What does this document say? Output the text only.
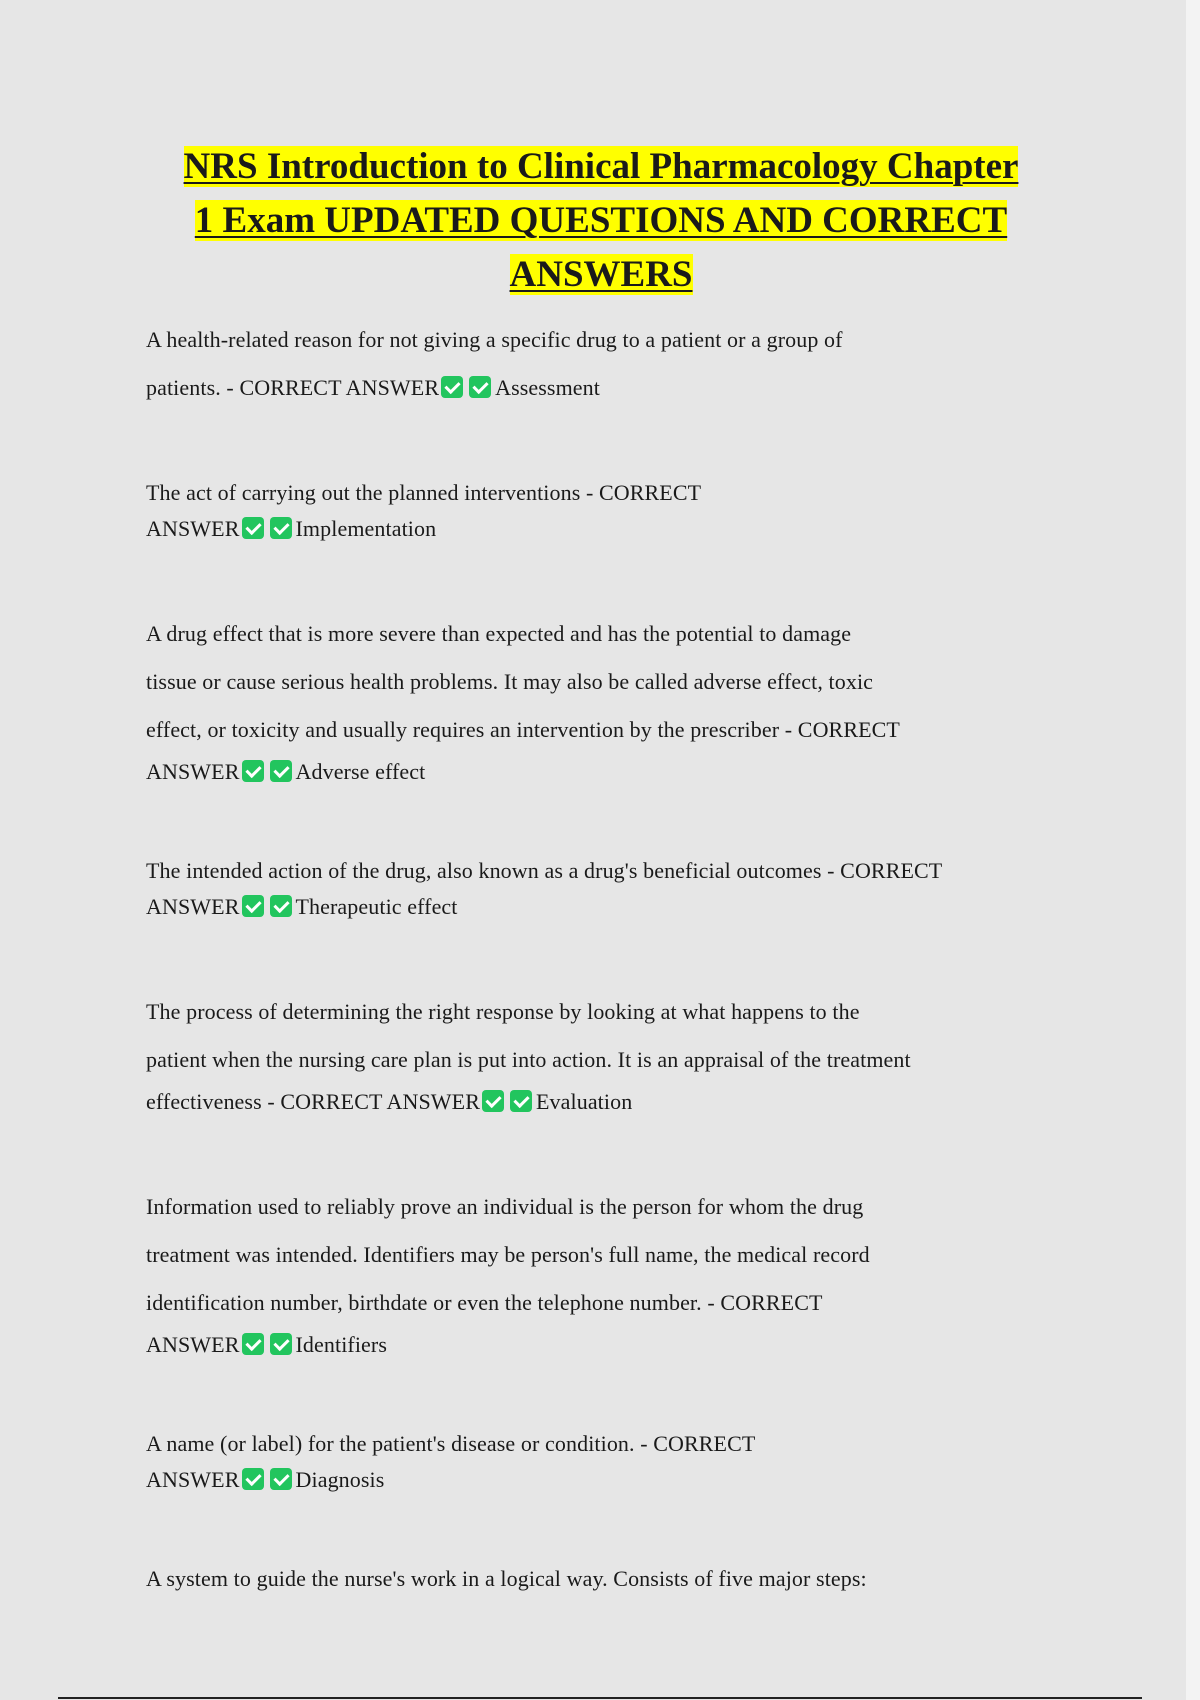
NRS Introduction to Clinical Pharmacology Chapter
1 Exam UPDATED QUESTIONS AND CORRECT
ANSWERS
A health-related reason for not giving a specific drug to a patient or a group of
patients. - CORRECT ANSWER	Assessment
The act of carrying out the planned interventions - CORRECT
ANSWER	Implementation
A drug effect that is more severe than expected and has the potential to damage
tissue or cause serious health problems. It may also be called adverse effect, toxic
effect, or toxicity and usually requires an intervention by the prescriber - CORRECT
ANSWER	Adverse effect
The intended action of the drug, also known as a drug's beneficial outcomes - CORRECT
ANSWER	Therapeutic effect
The process of determining the right response by looking at what happens to the
patient when the nursing care plan is put into action. It is an appraisal of the treatment
effectiveness - CORRECT ANSWER	Evaluation
Information used to reliably prove an individual is the person for whom the drug
treatment was intended. Identifiers may be person's full name, the medical record
identification number, birthdate or even the telephone number. - CORRECT
ANSWER	Identifiers
A name (or label) for the patient's disease or condition. - CORRECT
ANSWER	Diagnosis
A system to guide the nurse's work in a logical way. Consists of five major steps:
